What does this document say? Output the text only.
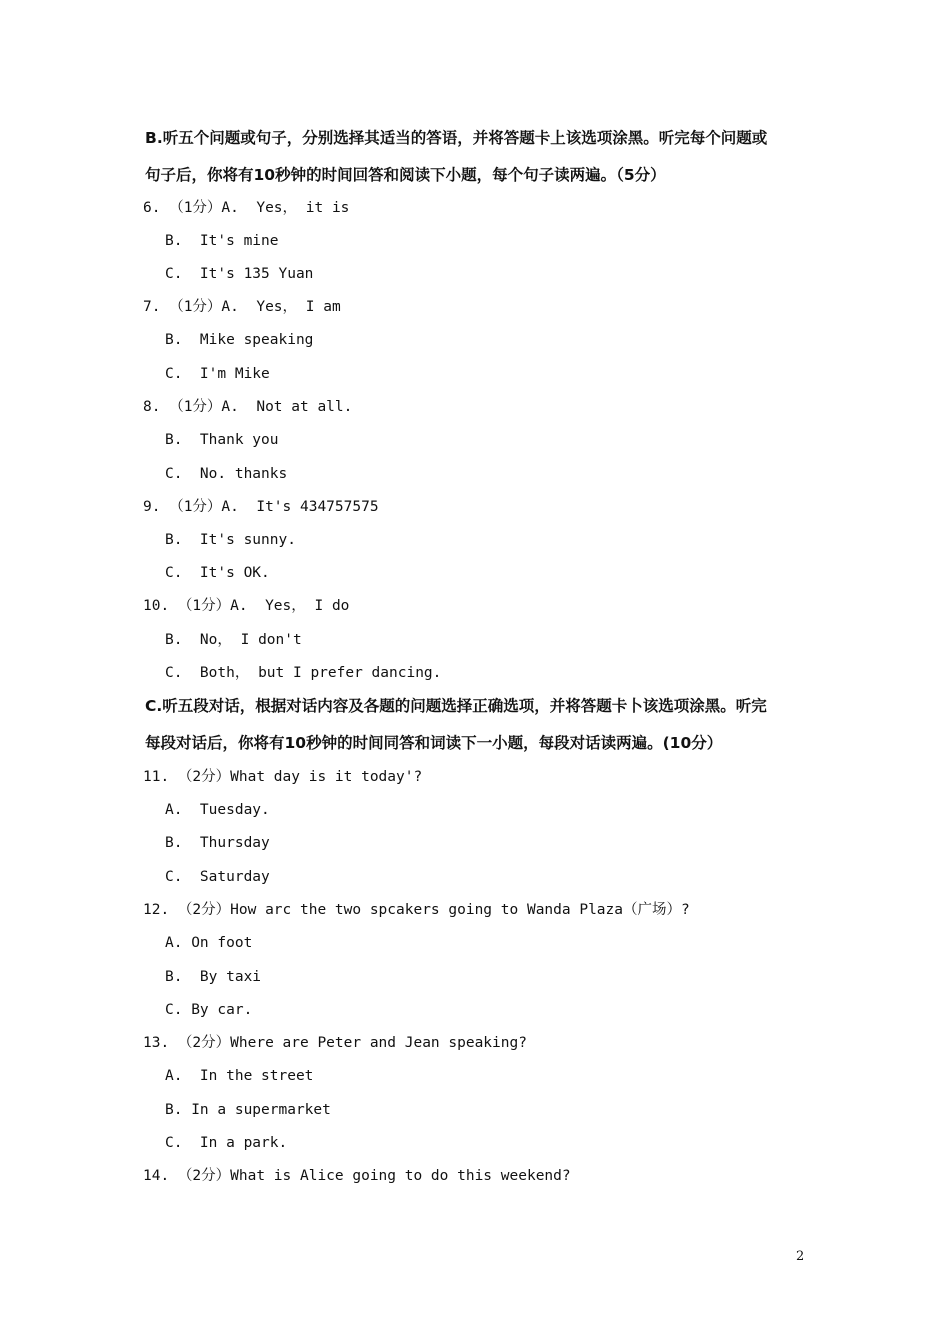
B.听五个问题或句子，分别选择其适当的答语，并将答题卡上该选项涂黑。听完每个问题或
句子后，你将有10秒钟的时间回答和阅读下小题，每个句子读两遍。（5分）
6. （1分）A.  Yes， it is
B.  It's mine
C.  It's 135 Yuan
7. （1分）A.  Yes， I am
B.  Mike speaking
C.  I'm Mike
8. （1分）A.  Not at all.
B.  Thank you
C.  No. thanks
9. （1分）A.  It's 434757575
B.  It's sunny.
C.  It's OK.
10. （1分）A.  Yes， I do
B.  No， I don't
C.  Both， but I prefer dancing.
C.听五段对话，根据对话内容及各题的问题选择正确选项，并将答题卡卜该选项涂黑。听完
每段对话后，你将有10秒钟的时间同答和词读下一小题，每段对话读两遍。(10分）
11. （2分）What day is it today'?
A.  Tuesday.
B.  Thursday
C.  Saturday
12. （2分）How arc the two spcakers going to Wanda Plaza（广场）?
A. On foot
B.  By taxi
C. By car.
13. （2分）Where are Peter and Jean speaking?
A.  In the street
B. In a supermarket
C.  In a park.
14. （2分）What is Alice going to do this weekend?
2
